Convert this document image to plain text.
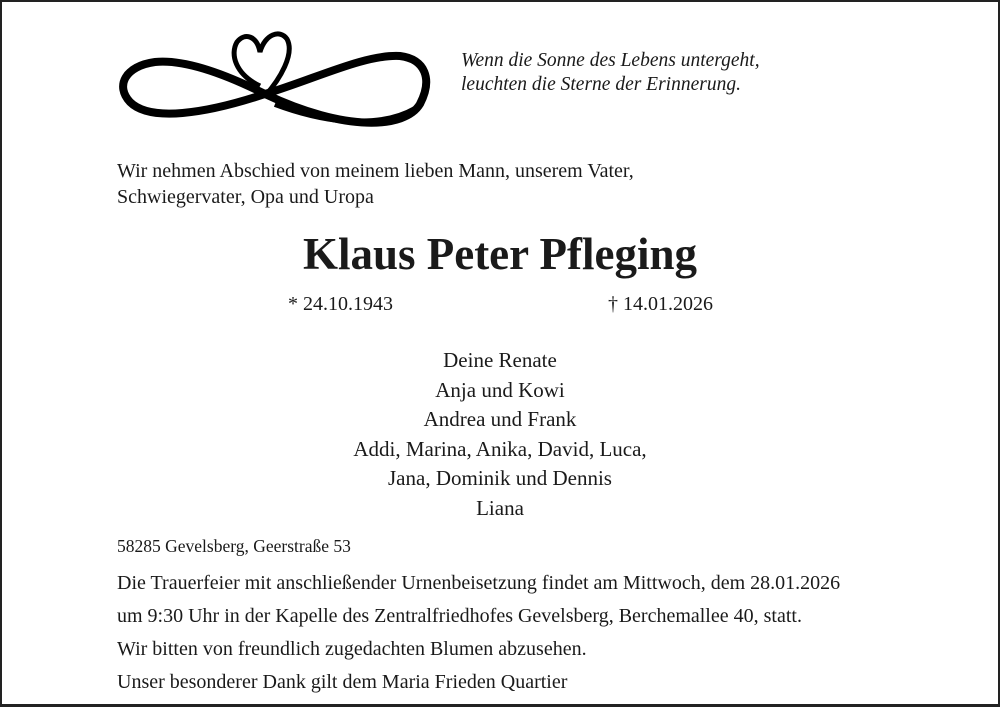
Wenn die Sonne des Lebens untergeht,
leuchten die Sterne der Erinnerung.
Wir nehmen Abschied von meinem lieben Mann, unserem Vater,
Schwiegervater, Opa und Uropa
Klaus Peter Pfleging
* 24.10.1943	† 14.01.2026
Deine Renate
Anja und Kowi
Andrea und Frank
Addi, Marina, Anika, David, Luca,
Jana, Dominik und Dennis
Liana
58285 Gevelsberg, Geerstraße 53
Die Trauerfeier mit anschließender Urnenbeisetzung findet am Mittwoch, dem 28.01.2026
um 9:30 Uhr in der Kapelle des Zentralfriedhofes Gevelsberg, Berchemallee 40, statt.
Wir bitten von freundlich zugedachten Blumen abzusehen.
Unser besonderer Dank gilt dem Maria Frieden Quartier
